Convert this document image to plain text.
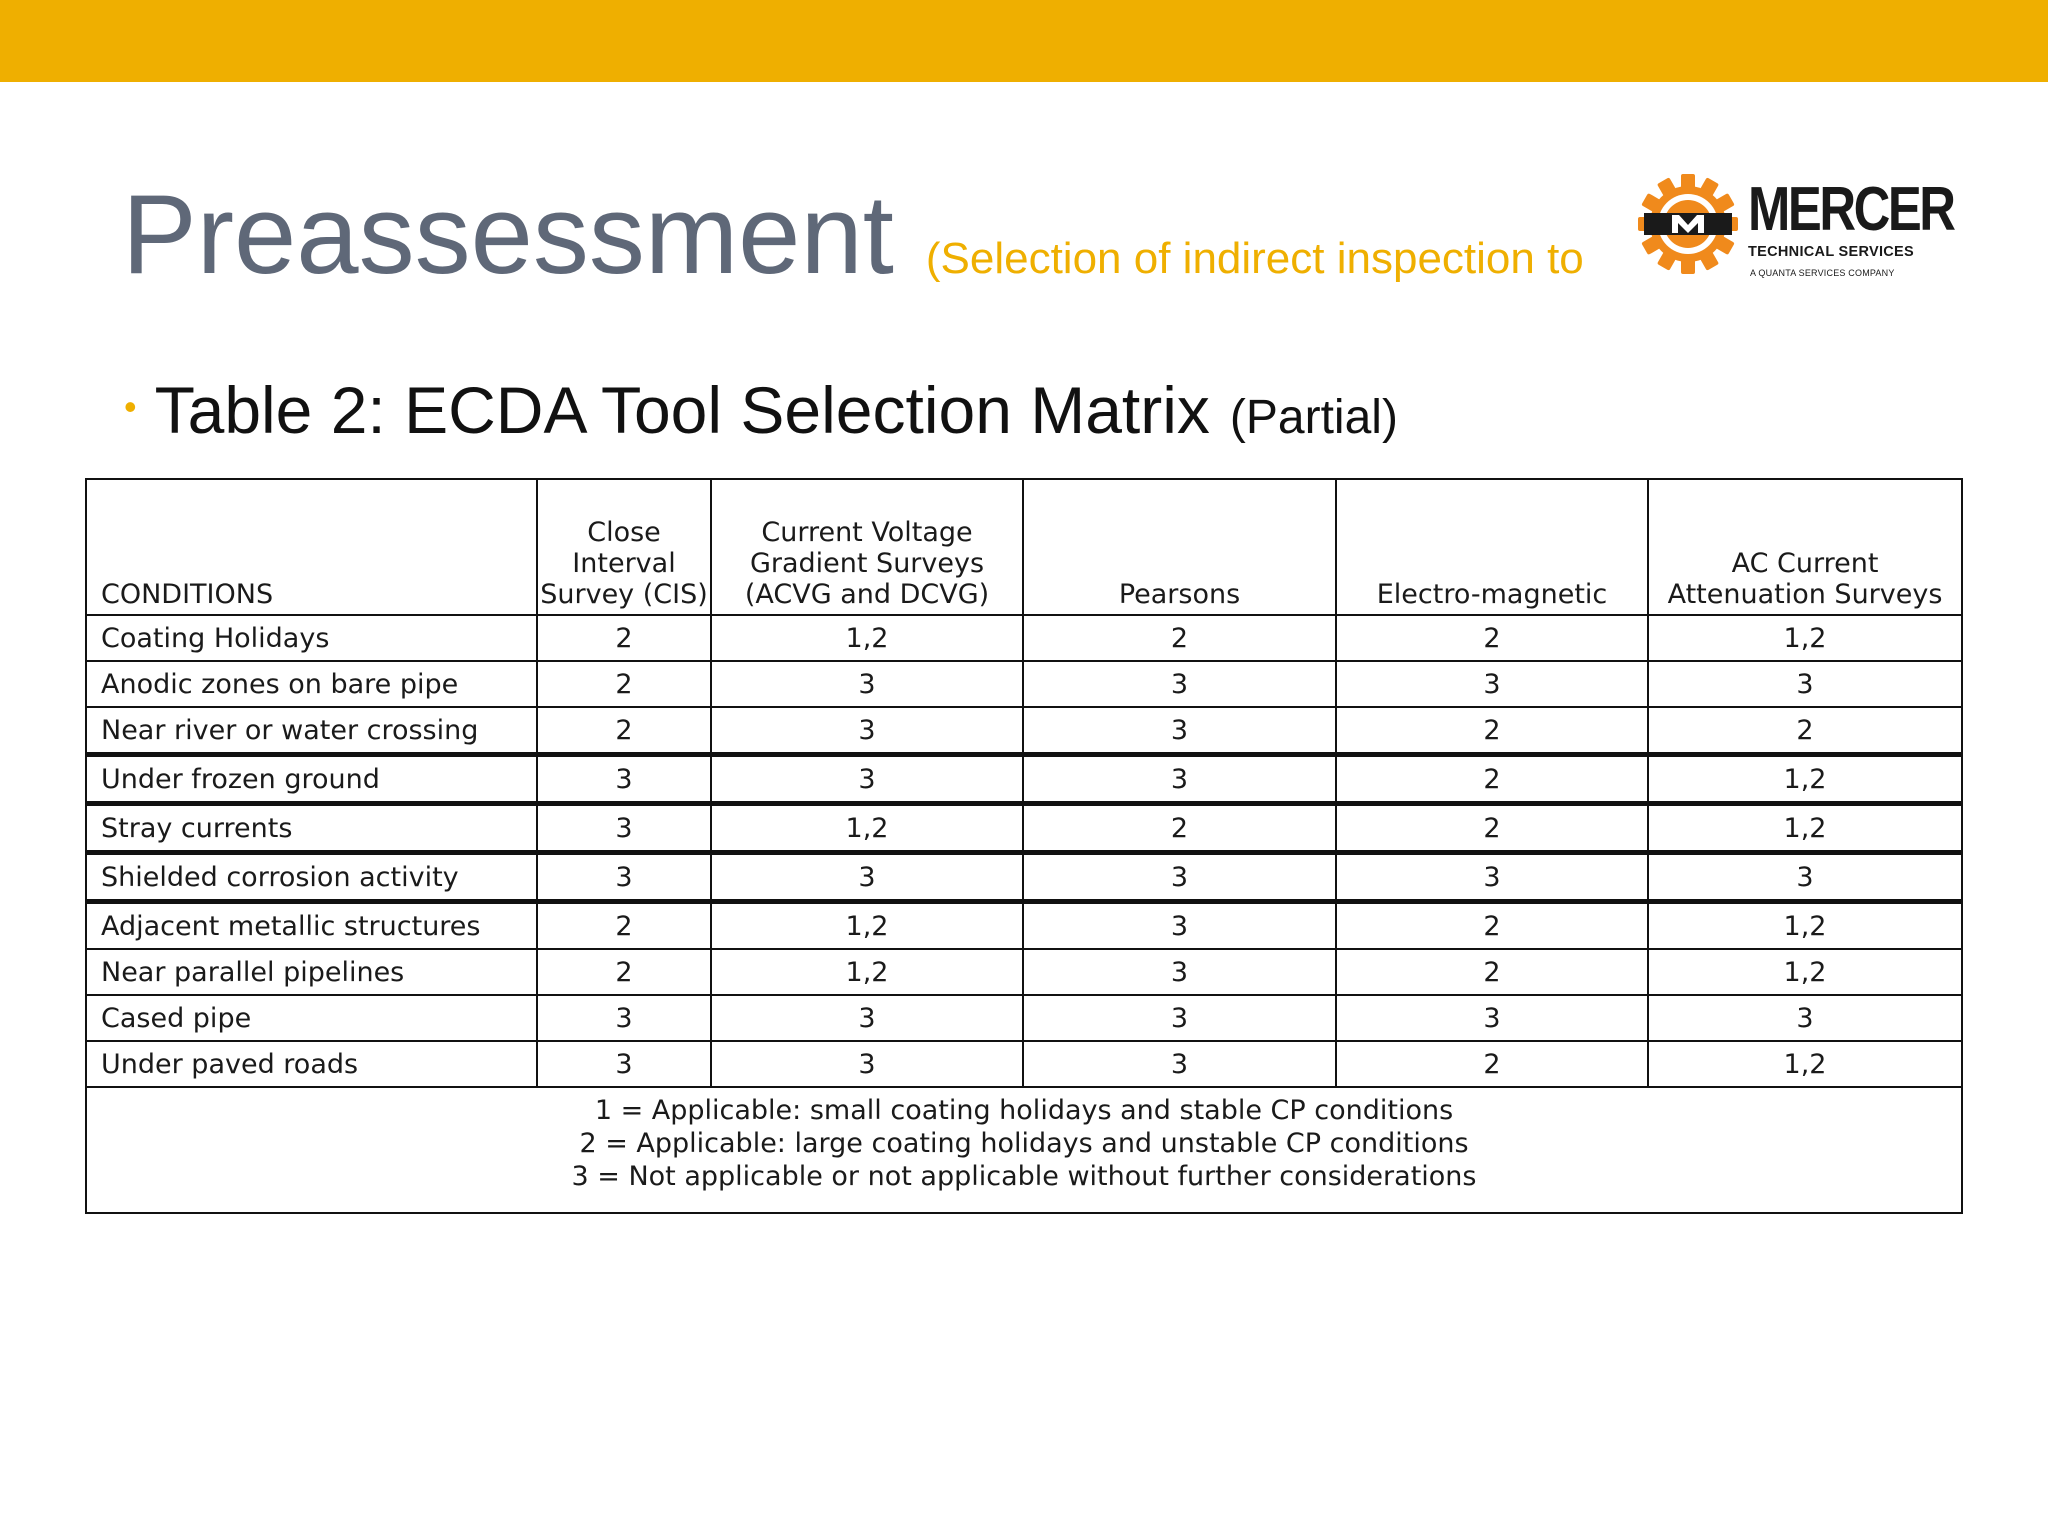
Preassessment (Selection of indirect inspection to
MERCER
TECHNICAL SERVICES
A QUANTA SERVICES COMPANY
• Table 2: ECDA Tool Selection Matrix (Partial)
CONDITIONS	Close Interval Survey (CIS)	Current Voltage Gradient Surveys (ACVG and DCVG)	Pearsons	Electro-magnetic	AC Current Attenuation Surveys
Coating Holidays	2	1,2	2	2	1,2
Anodic zones on bare pipe	2	3	3	3	3
Near river or water crossing	2	3	3	2	2
Under frozen ground	3	3	3	2	1,2
Stray currents	3	1,2	2	2	1,2
Shielded corrosion activity	3	3	3	3	3
Adjacent metallic structures	2	1,2	3	2	1,2
Near parallel pipelines	2	1,2	3	2	1,2
Cased pipe	3	3	3	3	3
Under paved roads	3	3	3	2	1,2

1 = Applicable: small coating holidays and stable CP conditions
2 = Applicable: large coating holidays and unstable CP conditions
3 = Not applicable or not applicable without further considerations					
